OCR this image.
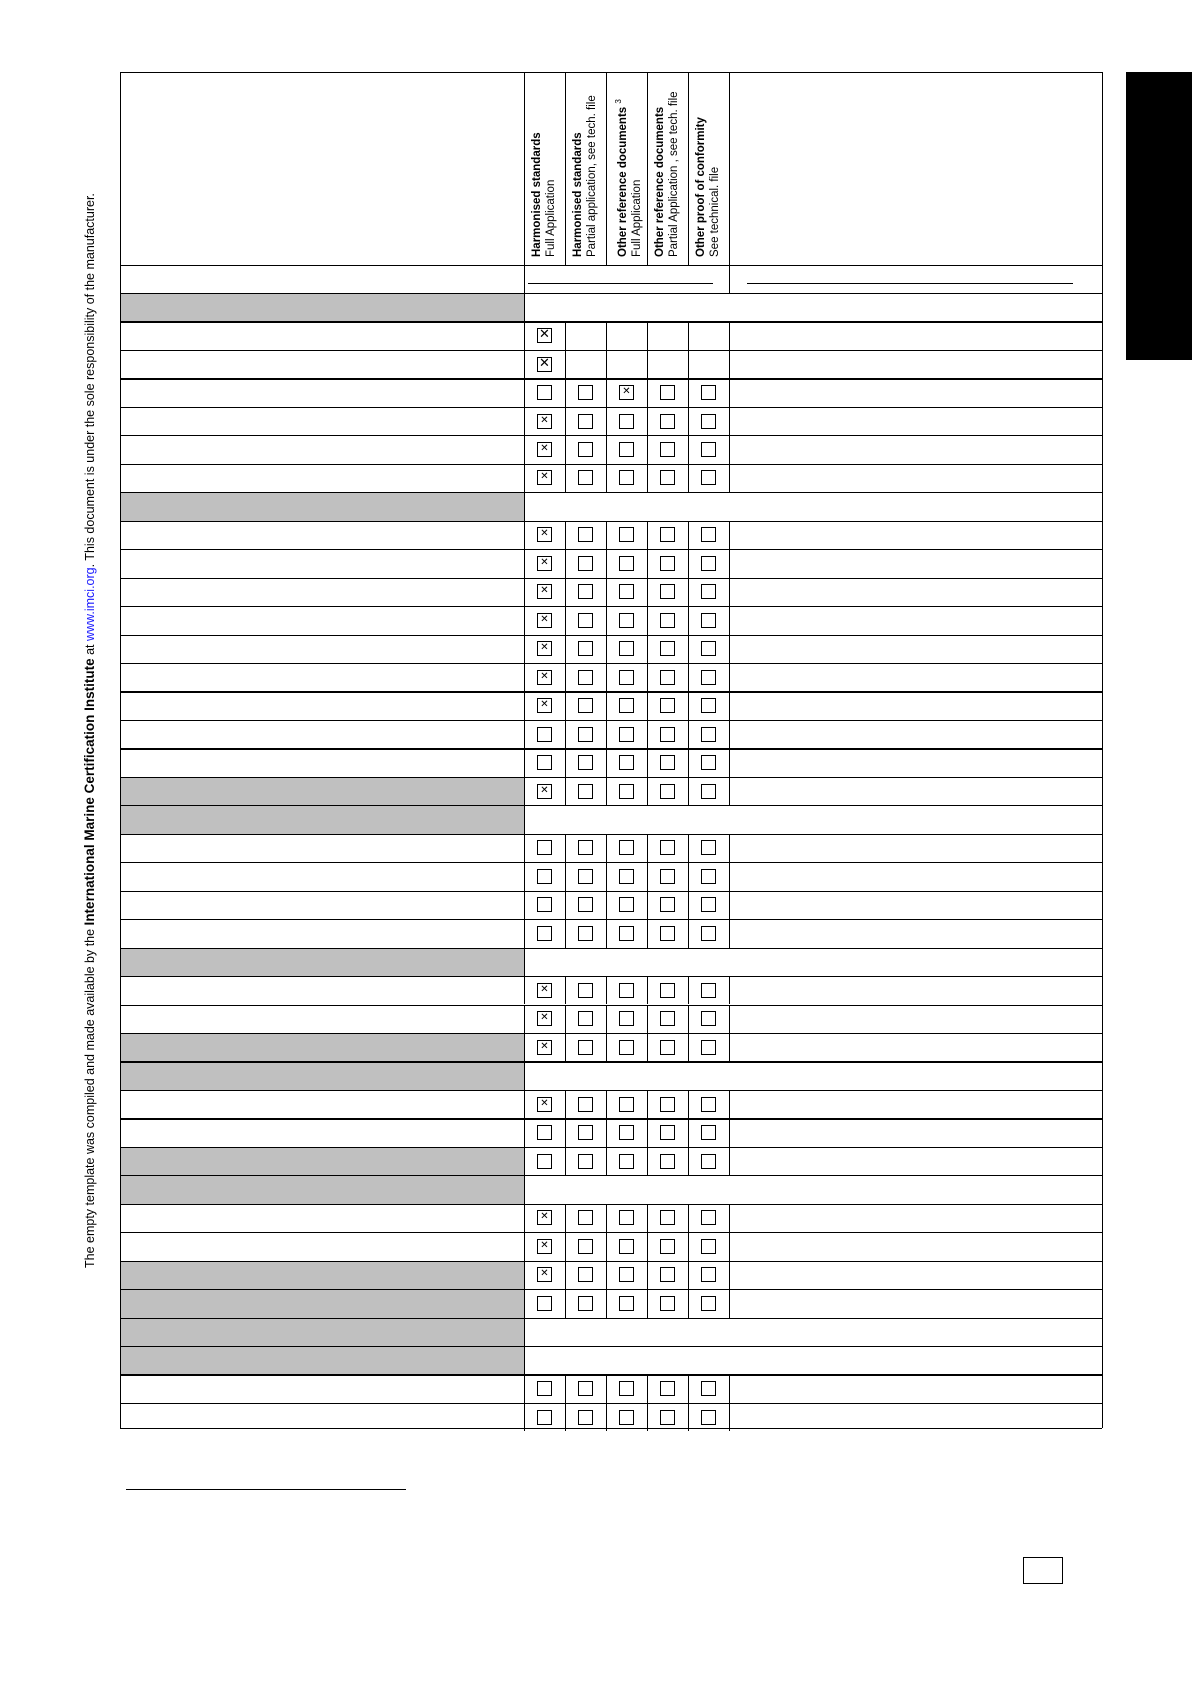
The empty template was compiled and made available by the International Marine Certification Institute at www.imci.org. This document is under the sole responsibility of the manufacturer.
✕
✕
✕
✕
✕
✕
✕
✕
✕
✕
✕
✕
✕
✕
✕
✕
✕
✕
✕
✕
✕	Harmonised standards Full Application Harmonised standards Partial application, see tech. file	Other reference documents $^3$
Full Application Other reference documents Partial Application , see tech. file Other proof of conformity See technical. file
